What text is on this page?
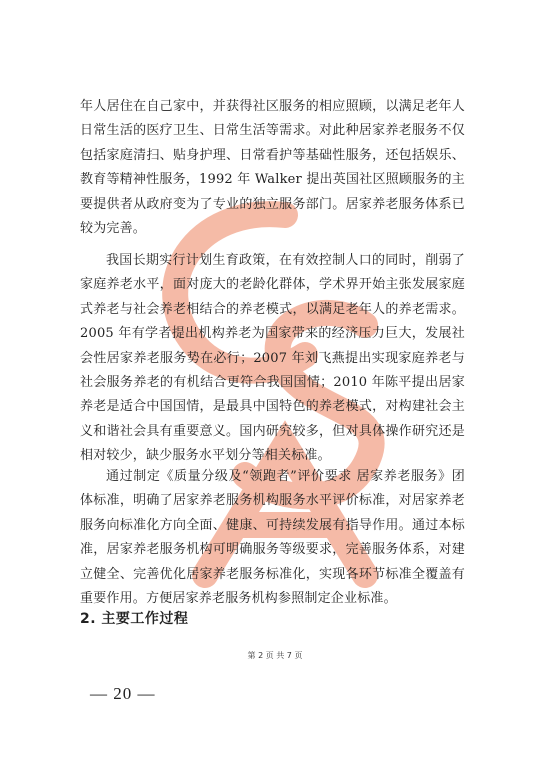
年人居住在自己家中，并获得社区服务的相应照顾，以满足老年人日常生活的医疗卫生、日常生活等需求。对此种居家养老服务不仅包括家庭清扫、贴身护理、日常看护等基础性服务，还包括娱乐、教育等精神性服务，1992 年 Walker 提出英国社区照顾服务的主要提供者从政府变为了专业的独立服务部门。居家养老服务体系已较为完善。

我国长期实行计划生育政策，在有效控制人口的同时，削弱了家庭养老水平，面对庞大的老龄化群体，学术界开始主张发展家庭式养老与社会养老相结合的养老模式，以满足老年人的养老需求。2005 年有学者提出机构养老为国家带来的经济压力巨大，发展社会性居家养老服务势在必行；2007 年刘飞燕提出实现家庭养老与社会服务养老的有机结合更符合我国国情；2010 年陈平提出居家养老是适合中国国情，是最具中国特色的养老模式，对构建社会主义和谐社会具有重要意义。国内研究较多，但对具体操作研究还是相对较少，缺少服务水平划分等相关标准。

通过制定《质量分级及“领跑者”评价要求 居家养老服务》团体标准，明确了居家养老服务机构服务水平评价标准，对居家养老服务向标准化方向全面、健康、可持续发展有指导作用。通过本标准，居家养老服务机构可明确服务等级要求，完善服务体系，对建立健全、完善优化居家养老服务标准化，实现各环节标准全覆盖有重要作用。方便居家养老服务机构参照制定企业标准。

2. 主要工作过程
第 2 页 共 7 页
— 20 —
